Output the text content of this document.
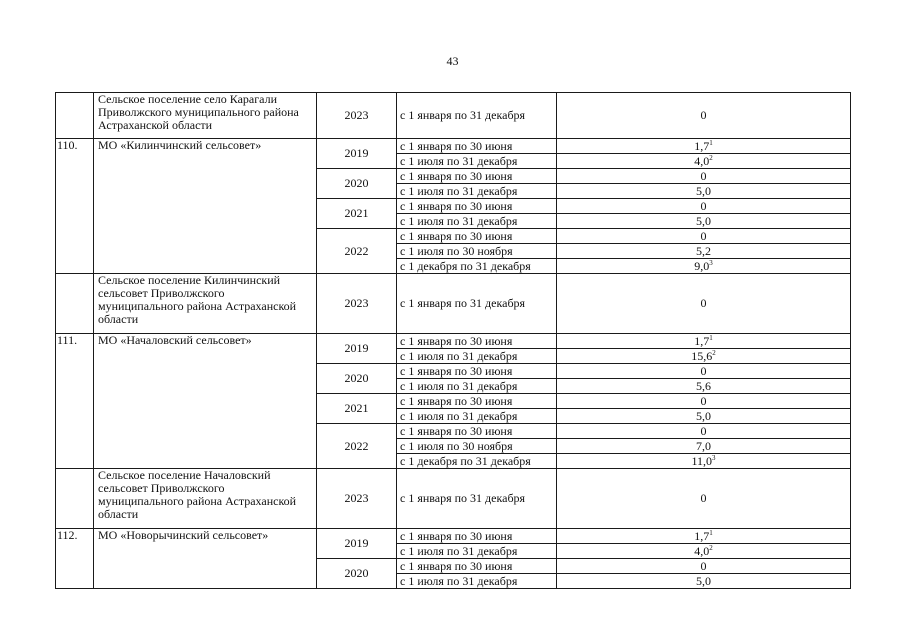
43
	Сельское поселение село Карагали Приволжского муниципального района Астраханской области	2023	с 1 января по 31 декабря	0
110.	МО «Килинчинский сельсовет»	2019	с 1 января по 30 июня	$1,7^1$
			с 1 июля по 31 декабря	$4,0^2$
		2020	с 1 января по 30 июня	0
			с 1 июля по 31 декабря	5,0
		2021	с 1 января по 30 июня	0
			с 1 июля по 31 декабря	5,0
		2022	с 1 января по 30 июня	0
			с 1 июля по 30 ноября	5,2
			с 1 декабря по 31 декабря	$9,0^3$
	Сельское поселение Килинчинский сельсовет Приволжского муниципального района Астраханской области	2023	с 1 января по 31 декабря	0
111.	МО «Началовский сельсовет»	2019	с 1 января по 30 июня	$1,7^1$
			с 1 июля по 31 декабря	15,6$^2$
		2020	с 1 января по 30 июня	0
			с 1 июля по 31 декабря	5,6
		2021	с 1 января по 30 июня	0
			с 1 июля по 31 декабря	5,0
		2022	с 1 января по 30 июня	0
			с 1 июля по 30 ноября	7,0
			с 1 декабря по 31 декабря	11,0$^3$
	Сельское поселение Началовский сельсовет Приволжского муниципального района Астраханской области	2023	с 1 января по 31 декабря	0
112.	МО «Новорычинский сельсовет»	2019	с 1 января по 30 июня	$1,7^1$
			с 1 июля по 31 декабря	$4,0^2$
		2020	с 1 января по 30 июня	0
			с 1 июля по 31 декабря	5,0
